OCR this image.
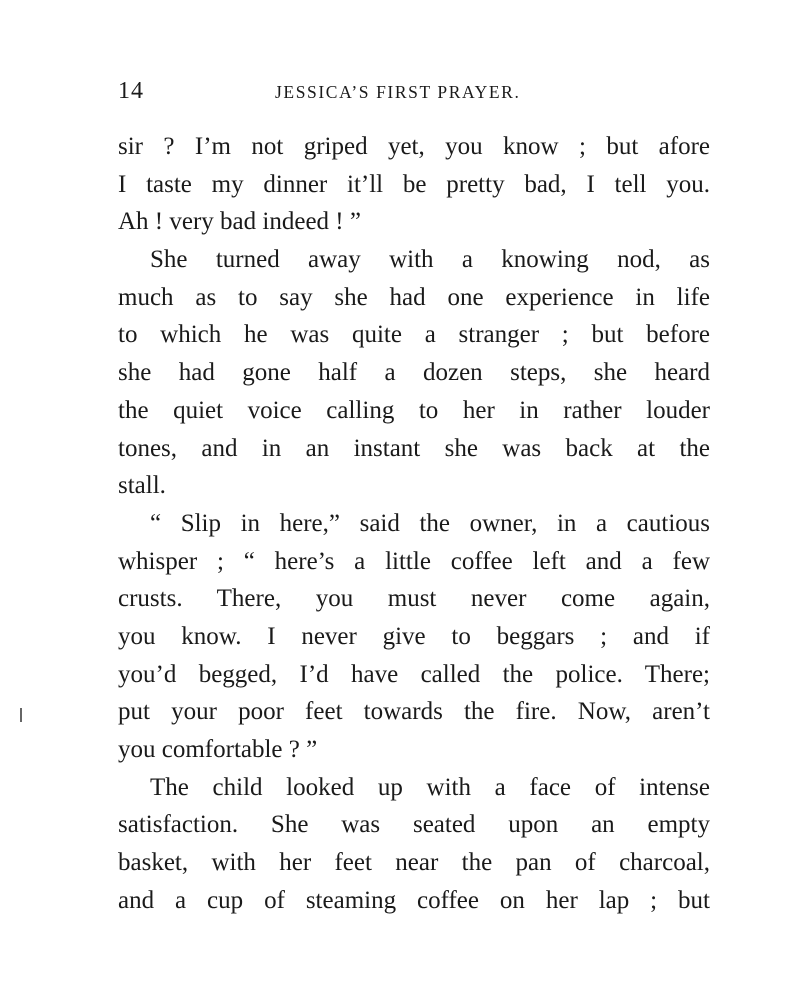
14	JESSICA’S FIRST PRAYER.
sir ? I’m not griped yet, you know ; but afore
I taste my dinner it’ll be pretty bad, I tell you.
Ah ! very bad indeed ! ”
She turned away with a knowing nod, as
much as to say she had one experience in life
to which he was quite a stranger ; but before
she had gone half a dozen steps, she heard
the quiet voice calling to her in rather louder
tones, and in an instant she was back at the
stall.
“ Slip in here,” said the owner, in a cautious
whisper ; “ here’s a little coffee left and a few
crusts. There, you must never come again,
you know. I never give to beggars ; and if
you’d begged, I’d have called the police. There;
put your poor feet towards the fire. Now, aren’t
you comfortable ? ”
The child looked up with a face of intense
satisfaction. She was seated upon an empty
basket, with her feet near the pan of charcoal,
and a cup of steaming coffee on her lap ; but
